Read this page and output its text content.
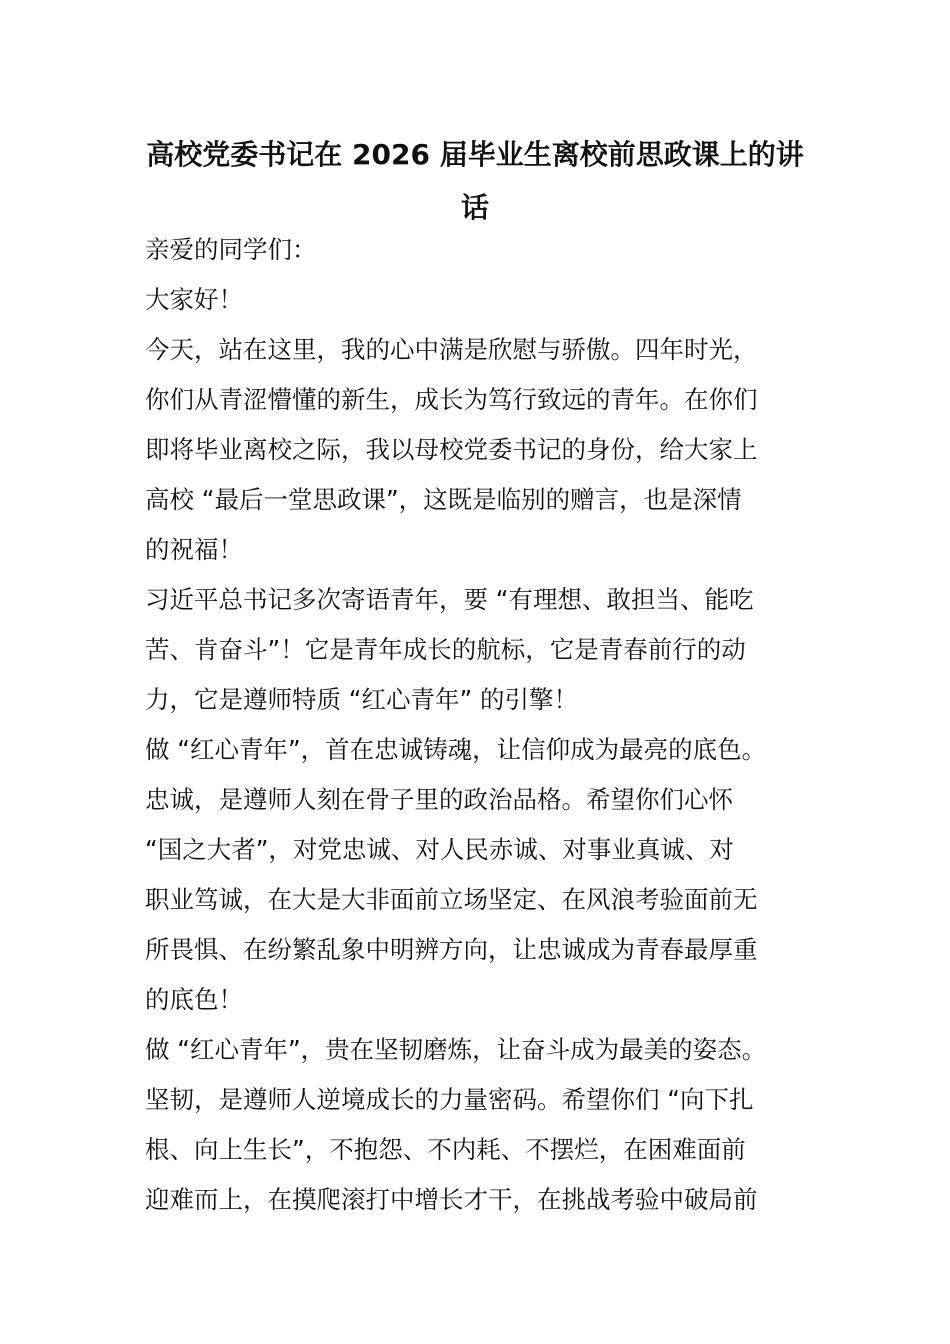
高校党委书记在 2026 届毕业生离校前思政课上的讲
话
亲爱的同学们：
大家好！
今天，站在这里，我的心中满是欣慰与骄傲。四年时光，
你们从青涩懵懂的新生，成长为笃行致远的青年。在你们
即将毕业离校之际，我以母校党委书记的身份，给大家上
高校 “最后一堂思政课”，这既是临别的赠言，也是深情
的祝福！
习近平总书记多次寄语青年，要 “有理想、敢担当、能吃
苦、肯奋斗”！它是青年成长的航标，它是青春前行的动
力，它是遵师特质 “红心青年” 的引擎！
做 “红心青年”，首在忠诚铸魂，让信仰成为最亮的底色。
忠诚，是遵师人刻在骨子里的政治品格。希望你们心怀
“国之大者”，对党忠诚、对人民赤诚、对事业真诚、对
职业笃诚，在大是大非面前立场坚定、在风浪考验面前无
所畏惧、在纷繁乱象中明辨方向，让忠诚成为青春最厚重
的底色！
做 “红心青年”，贵在坚韧磨炼，让奋斗成为最美的姿态。
坚韧，是遵师人逆境成长的力量密码。希望你们 “向下扎
根、向上生长”，不抱怨、不内耗、不摆烂，在困难面前
迎难而上，在摸爬滚打中增长才干，在挑战考验中破局前
